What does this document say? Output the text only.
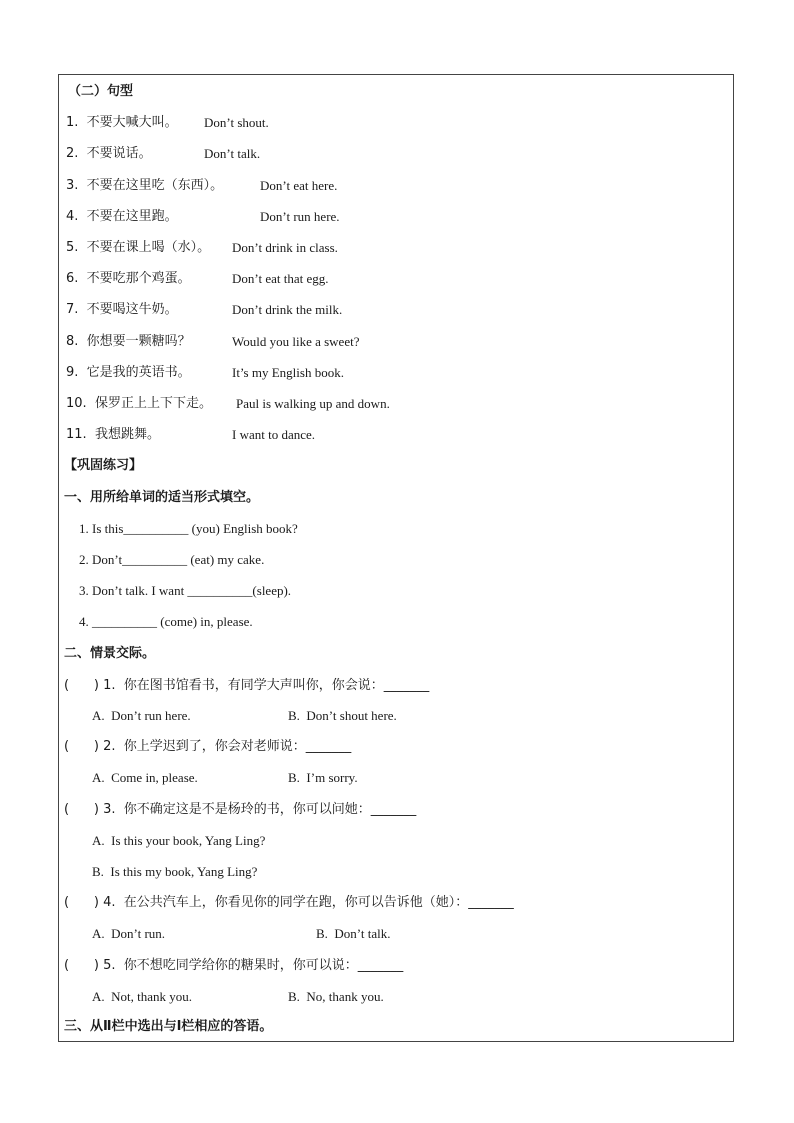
（二）句型
1.  不要大喊大叫。 Don’t shout.
2.  不要说话。	Don’t talk.
3.  不要在这里吃（东西）。	Don’t eat here.
4.  不要在这里跑。	Don’t run here.
5.  不要在课上喝（水）。 Don’t drink in class.
6.  不要吃那个鸡蛋。	Don’t eat that egg.
7.  不要喝这牛奶。	Don’t drink the milk.
8.  你想要一颗糖吗？	Would you like a sweet?
9.  它是我的英语书。	It’s my English book.
10.  保罗正上上下下走。 Paul is walking up and down.
11.  我想跳舞。	I want to dance.
【巩固练习】
一、用所给单词的适当形式填空。
1. Is this__________ (you) English book?
2. Don’t__________ (eat) my cake.
3. Don’t talk. I want __________(sleep).
4. __________ (come) in, please.
二、情景交际。
(      ) 1.  你在图书馆看书，有同学大声叫你，你会说：_______
A.  Don’t run here.	B.  Don’t shout here.
(      ) 2.  你上学迟到了，你会对老师说：_______
A.  Come in, please.	B.  I’m sorry.
(      ) 3.  你不确定这是不是杨玲的书，你可以问她：_______
A.  Is this your book, Yang Ling?
B.  Is this my book, Yang Ling?
(      ) 4.  在公共汽车上，你看见你的同学在跑，你可以告诉他（她）：_______
A.  Don’t run.	B.  Don’t talk.
(      ) 5.  你不想吃同学给你的糖果时，你可以说：_______
A.  Not, thank you.	B.  No, thank you.
三、从Ⅱ栏中选出与Ⅰ栏相应的答语。
